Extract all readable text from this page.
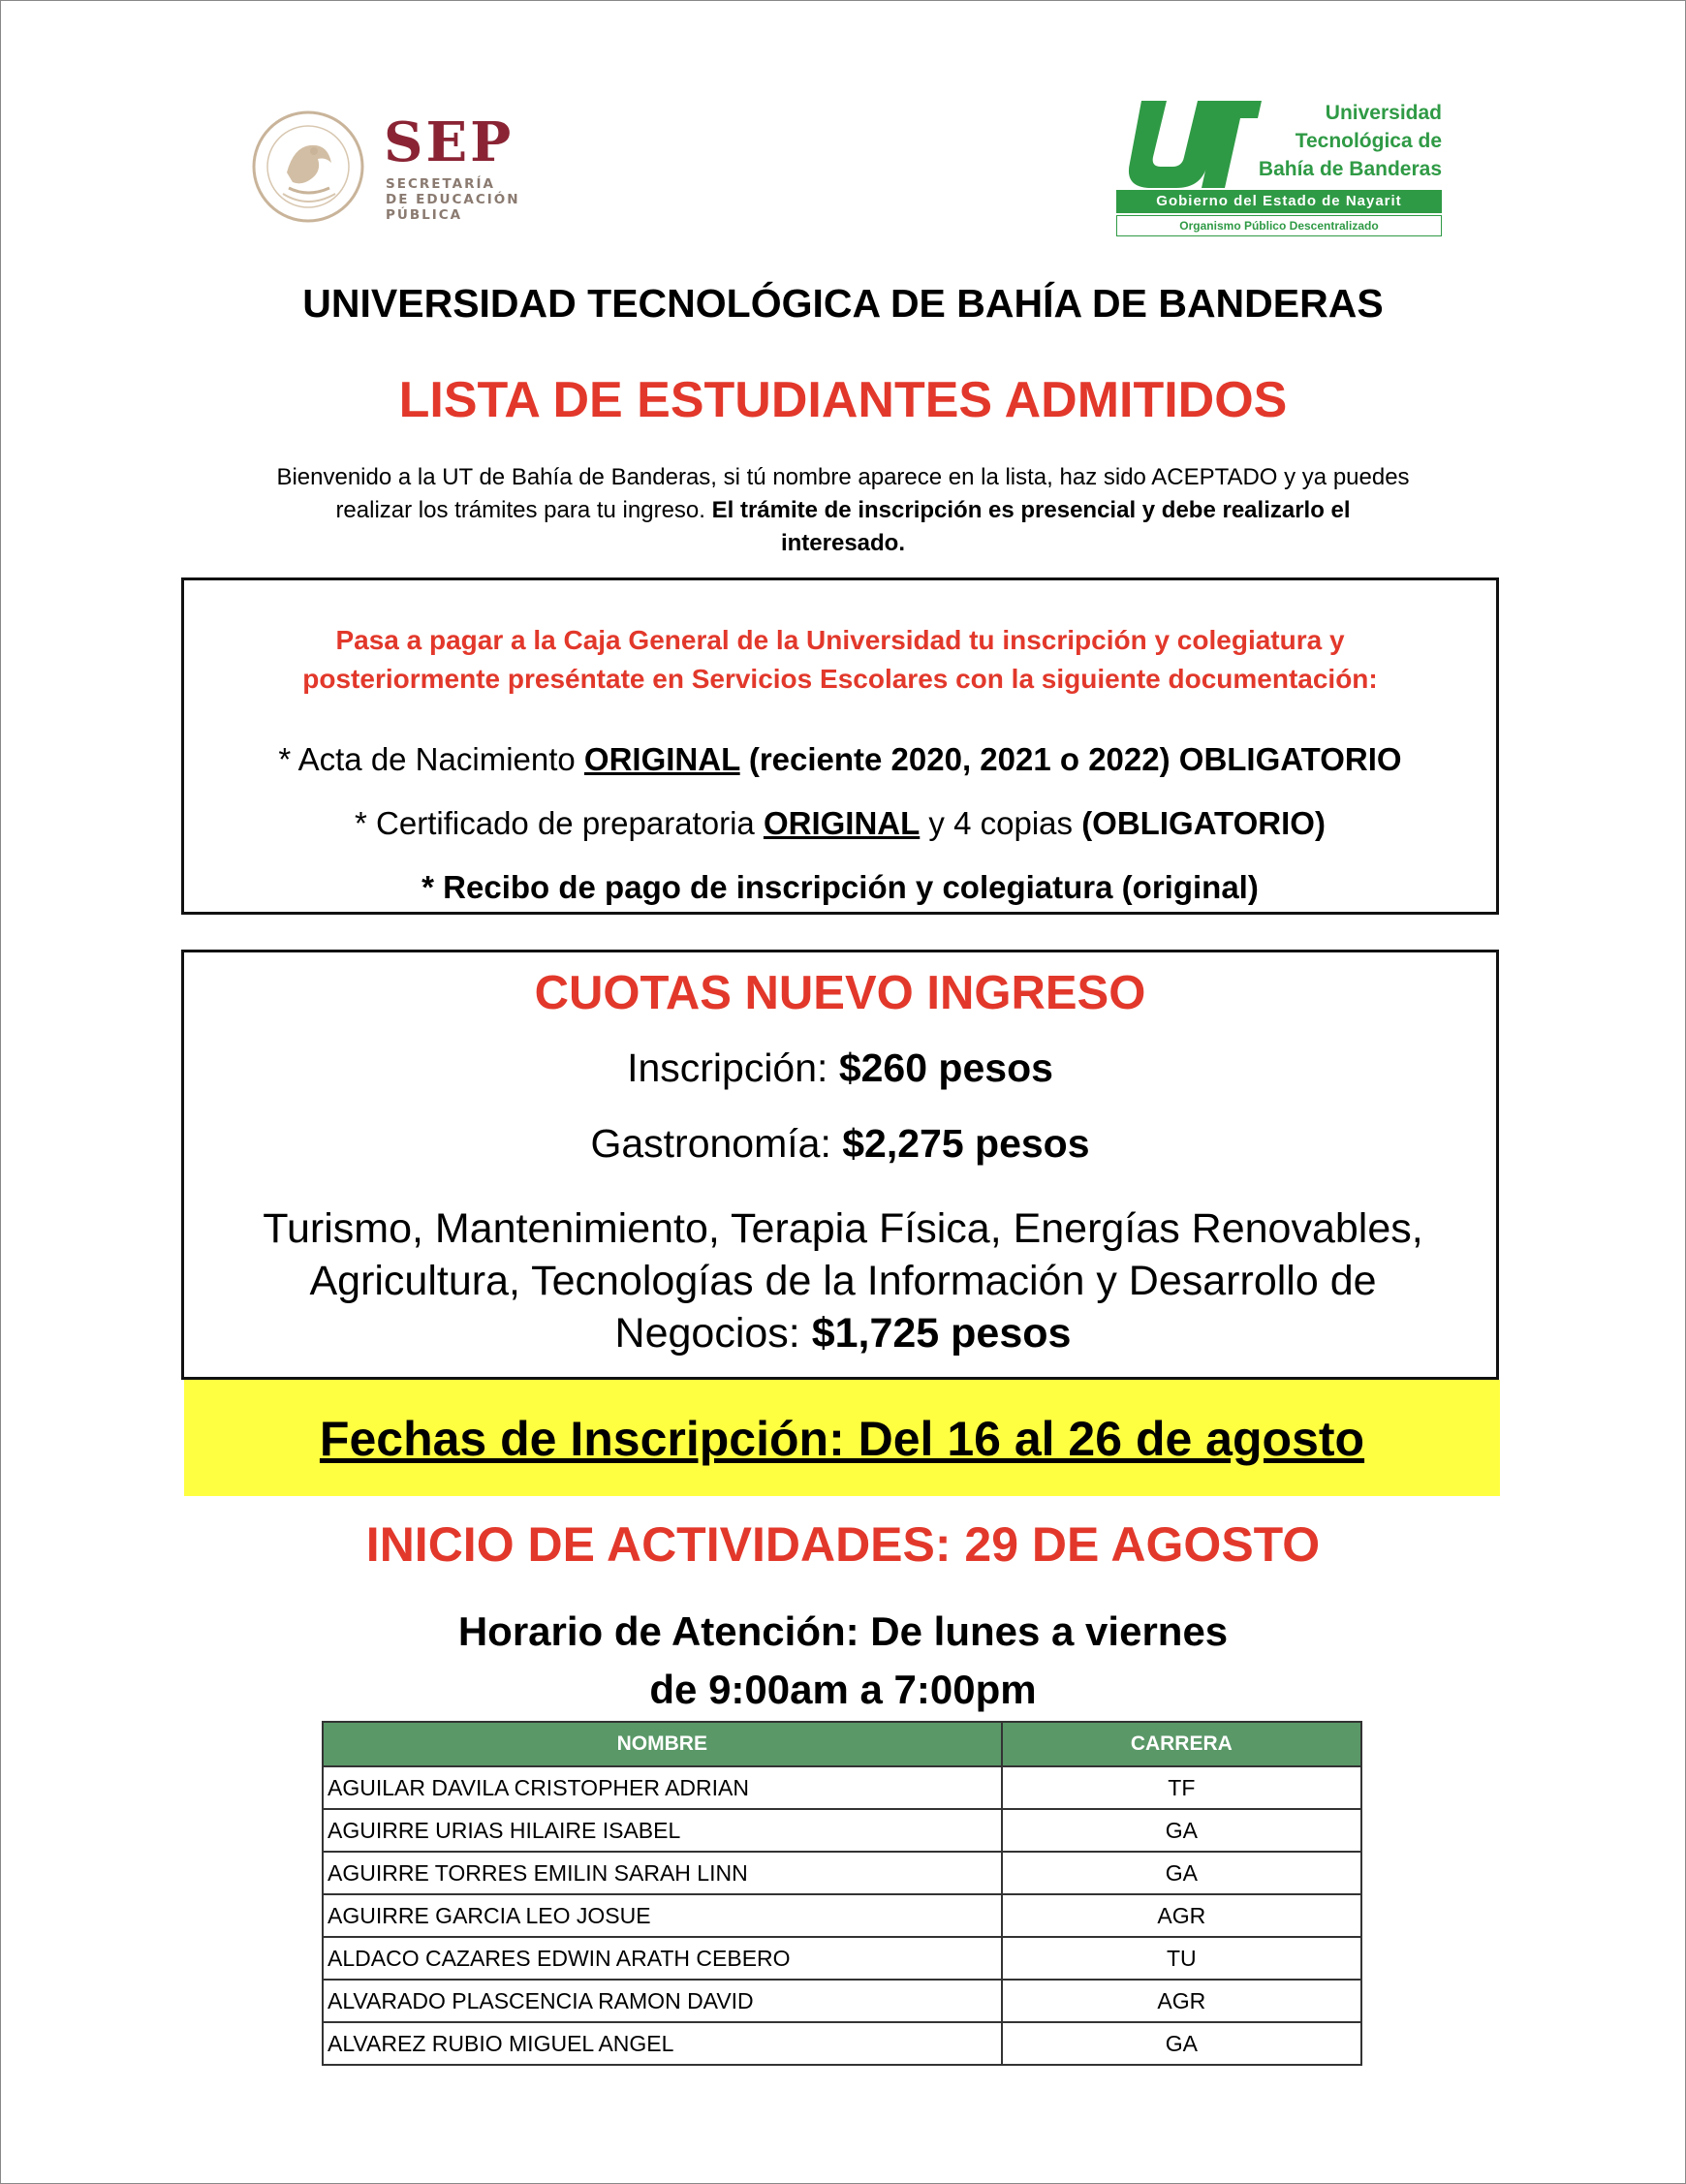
SEP
SECRETARÍA
DE EDUCACIÓN
PÚBLICA
Universidad
Tecnológica de
Bahía de Banderas
Gobierno del Estado de Nayarit
Organismo Público Descentralizado
UNIVERSIDAD TECNOLÓGICA DE BAHÍA DE BANDERAS
LISTA DE ESTUDIANTES ADMITIDOS
Bienvenido a la UT de Bahía de Banderas, si tú nombre aparece en la lista, haz sido ACEPTADO y ya puedes
realizar los trámites para tu ingreso. El trámite de inscripción es presencial y debe realizarlo el
interesado.
Pasa a pagar a la Caja General de la Universidad tu inscripción y colegiatura y
posteriormente preséntate en Servicios Escolares con la siguiente documentación:
* Acta de Nacimiento ORIGINAL (reciente 2020, 2021 o 2022) OBLIGATORIO
* Certificado de preparatoria ORIGINAL y 4 copias (OBLIGATORIO)
* Recibo de pago de inscripción y colegiatura (original)
CUOTAS NUEVO INGRESO
Inscripción: $260 pesos
Gastronomía: $2,275 pesos
Turismo, Mantenimiento, Terapia Física, Energías Renovables,
Agricultura, Tecnologías de la Información y Desarrollo de
Negocios: $1,725 pesos
Fechas de Inscripción: Del 16 al 26 de agosto
INICIO DE ACTIVIDADES: 29 DE AGOSTO
Horario de Atención: De lunes a viernes
de 9:00am a 7:00pm
NOMBRE	CARRERA
AGUILAR DAVILA CRISTOPHER ADRIAN	TF
AGUIRRE URIAS HILAIRE ISABEL	GA
AGUIRRE TORRES EMILIN SARAH LINN	GA
AGUIRRE GARCIA LEO JOSUE	AGR
ALDACO CAZARES EDWIN ARATH CEBERO	TU
ALVARADO PLASCENCIA RAMON DAVID	AGR
ALVAREZ RUBIO MIGUEL ANGEL	GA
